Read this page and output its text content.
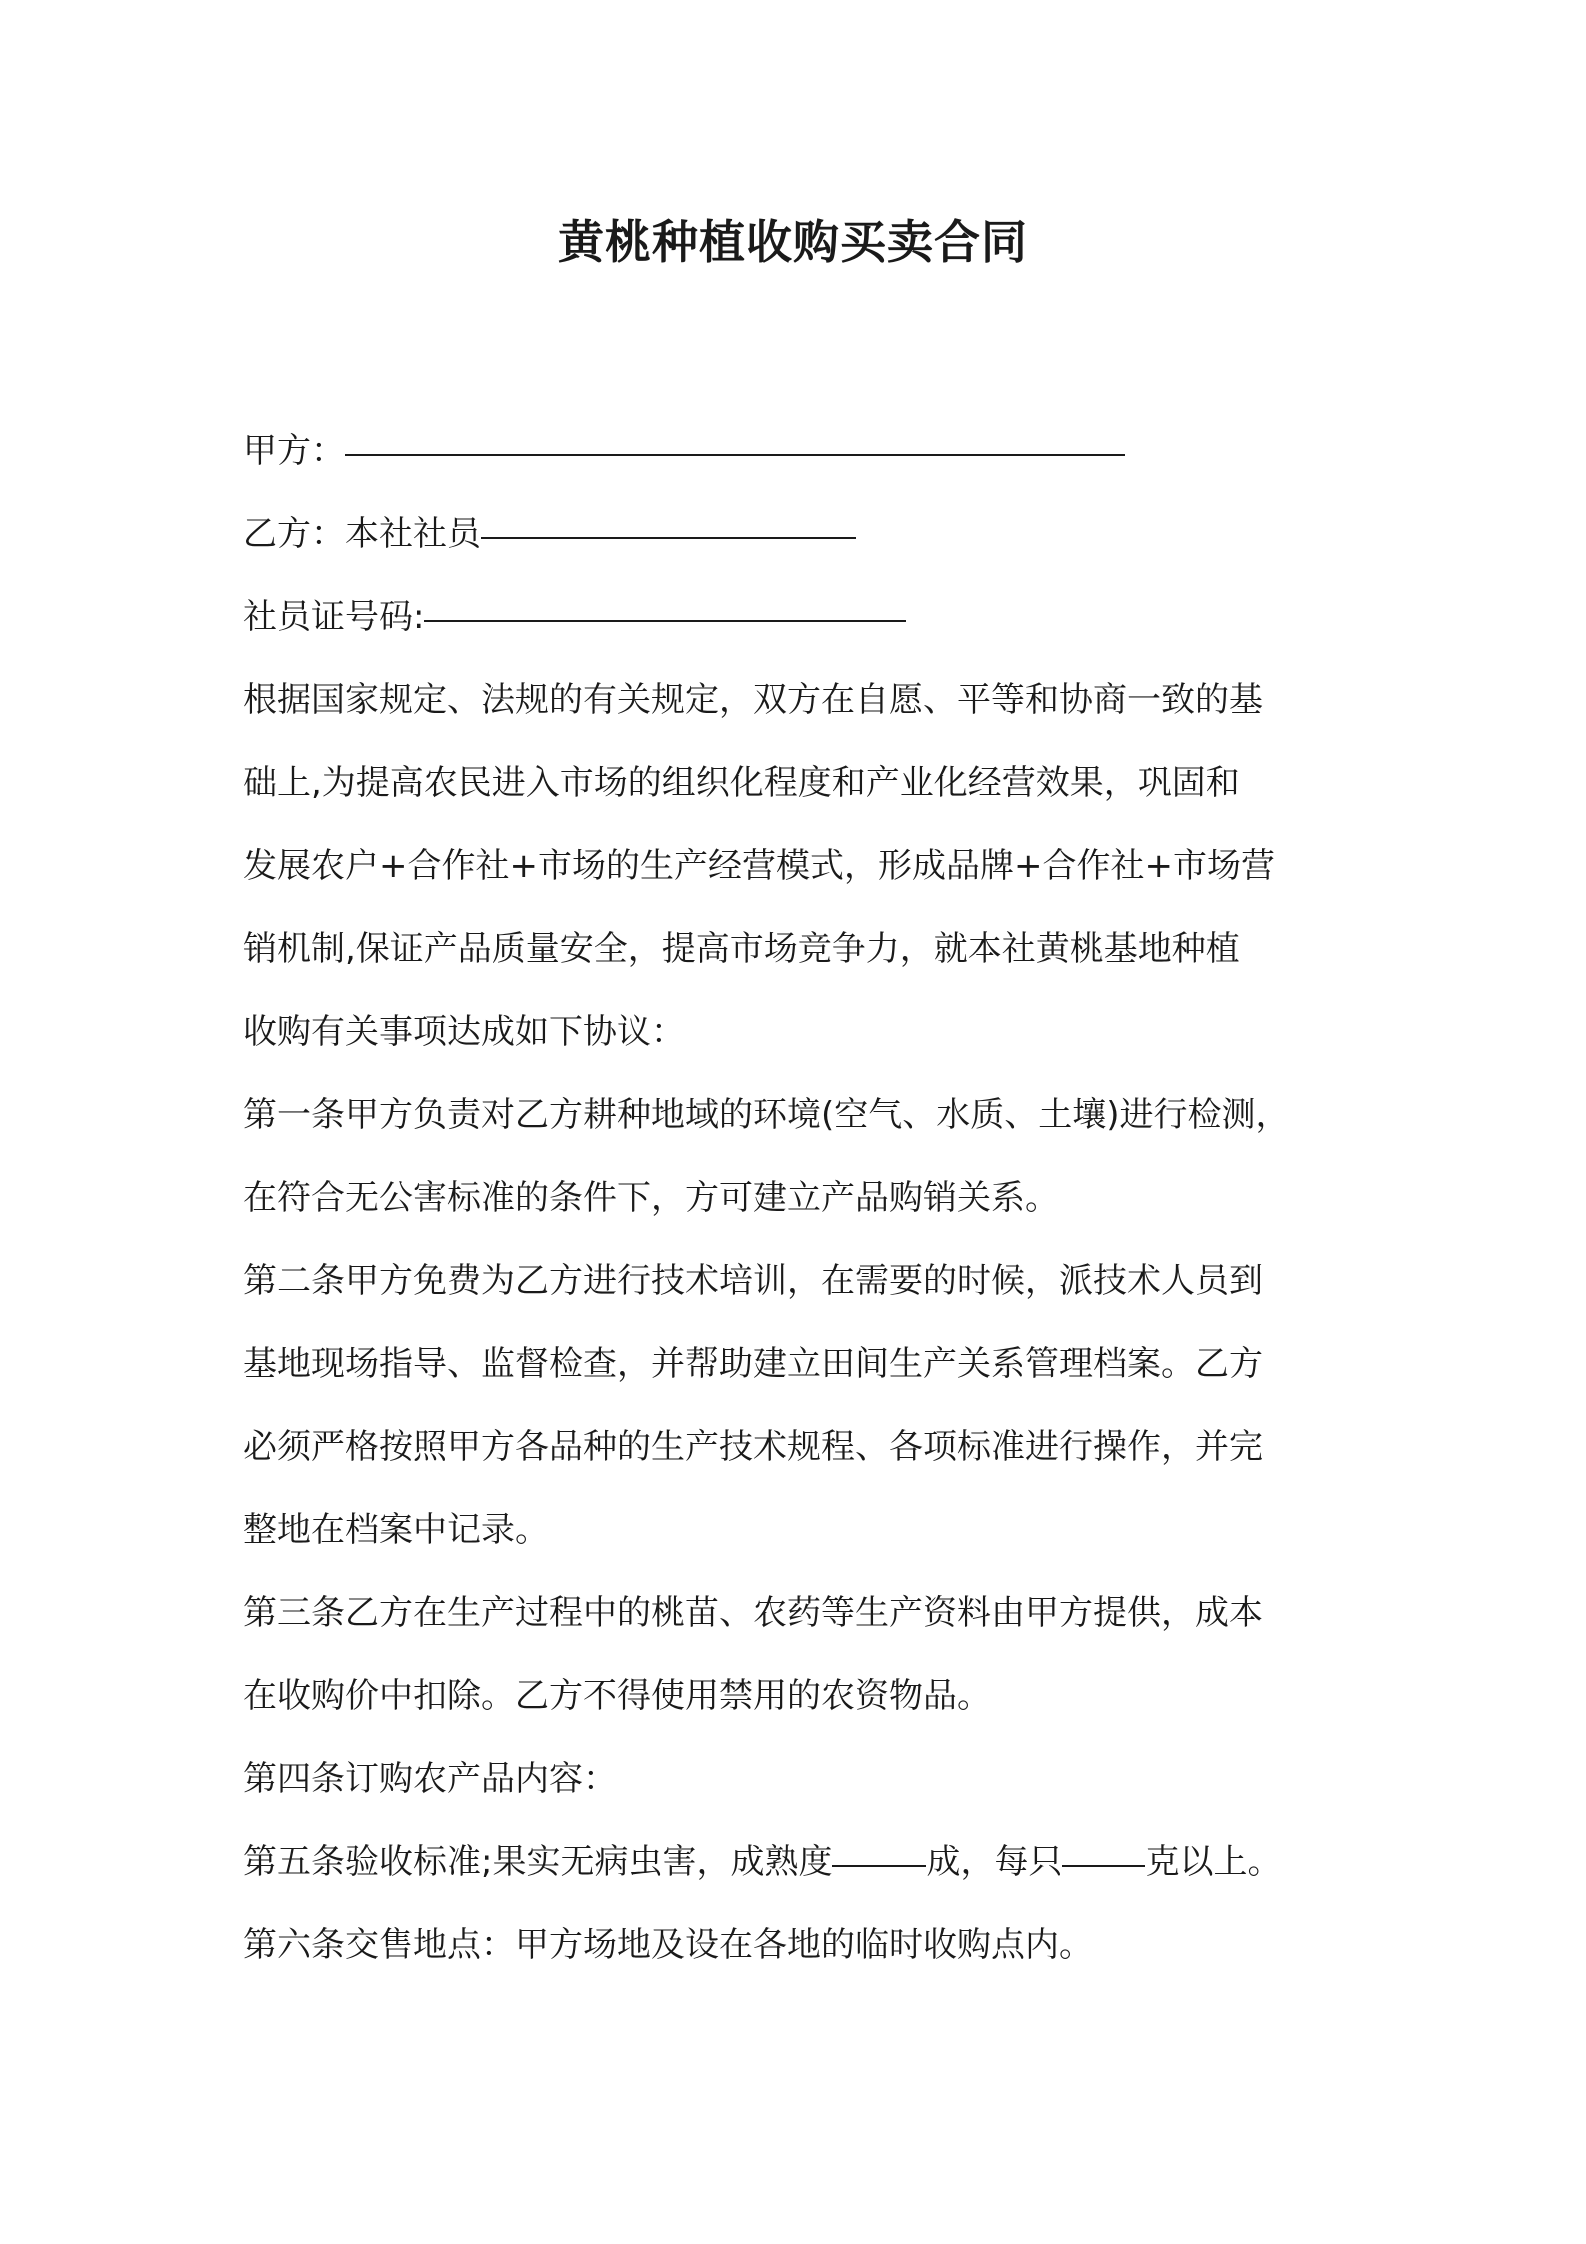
黄桃种植收购买卖合同
甲方：
乙方：本社社员
社员证号码:
根据国家规定、法规的有关规定，双方在自愿、平等和协商一致的基
础上,为提高农民进入市场的组织化程度和产业化经营效果，巩固和
发展农户+合作社+市场的生产经营模式，形成品牌+合作社+市场营
销机制,保证产品质量安全，提高市场竞争力，就本社黄桃基地种植
收购有关事项达成如下协议：
第一条甲方负责对乙方耕种地域的环境(空气、水质、土壤)进行检测，
在符合无公害标准的条件下，方可建立产品购销关系。
第二条甲方免费为乙方进行技术培训，在需要的时候，派技术人员到
基地现场指导、监督检查，并帮助建立田间生产关系管理档案。乙方
必须严格按照甲方各品种的生产技术规程、各项标准进行操作，并完
整地在档案中记录。
第三条乙方在生产过程中的桃苗、农药等生产资料由甲方提供，成本
在收购价中扣除。乙方不得使用禁用的农资物品。
第四条订购农产品内容：
第五条验收标准;果实无病虫害，成熟度	成，每只 克以上。
第六条交售地点：甲方场地及设在各地的临时收购点内。
